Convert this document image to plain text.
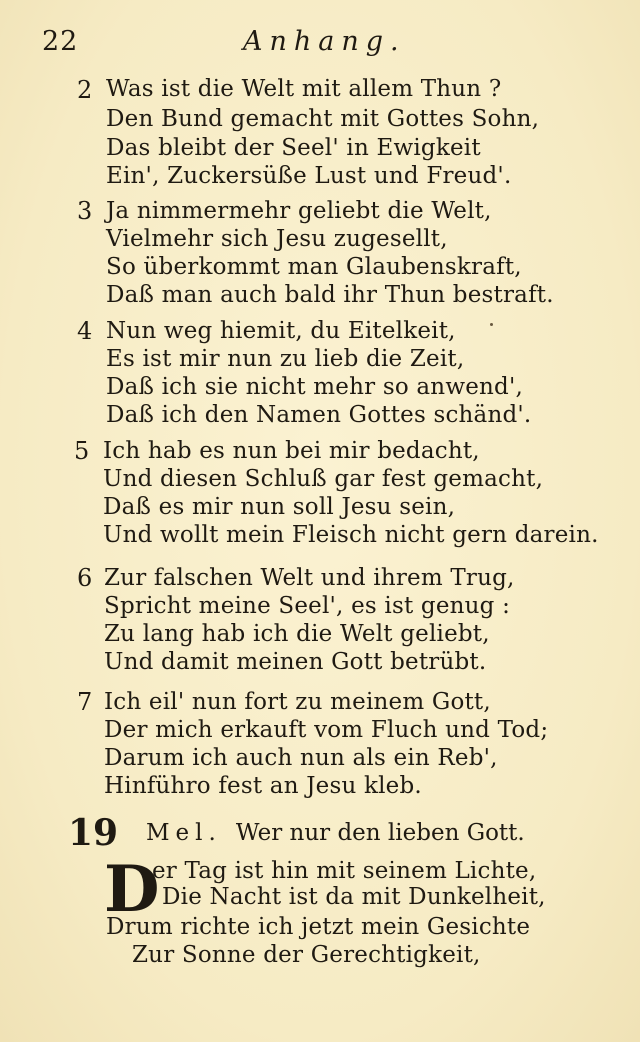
22	Anhang.
2 Was ist die Welt mit allem Thun ?
Den Bund gemacht mit Gottes Sohn,
Das bleibt der Seel' in Ewigkeit
Ein', Zuckersüße Lust und Freud'.
3 Ja nimmermehr geliebt die Welt,
Vielmehr sich Jesu zugesellt,
So überkommt man Glaubenskraft,
Daß man auch bald ihr Thun bestraft.
4 Nun weg hiemit, du Eitelkeit,
Es ist mir nun zu lieb die Zeit,
Daß ich sie nicht mehr so anwend',
Daß ich den Namen Gottes schänd'.
5 Ich hab es nun bei mir bedacht,
Und diesen Schluß gar fest gemacht,
Daß es mir nun soll Jesu sein,
Und wollt mein Fleisch nicht gern darein.
6 Zur falschen Welt und ihrem Trug,
Spricht meine Seel', es ist genug :
Zu lang hab ich die Welt geliebt,
Und damit meinen Gott betrübt.
7 Ich eil' nun fort zu meinem Gott,
Der mich erkauft vom Fluch und Tod;
Darum ich auch nun als ein Reb',
Hinführo fest an Jesu kleb.
19 Mel. Wer nur den lieben Gott.
D
er Tag ist hin mit seinem Lichte,
Die Nacht ist da mit Dunkelheit,
Drum richte ich jetzt mein Gesichte
Zur Sonne der Gerechtigkeit,
